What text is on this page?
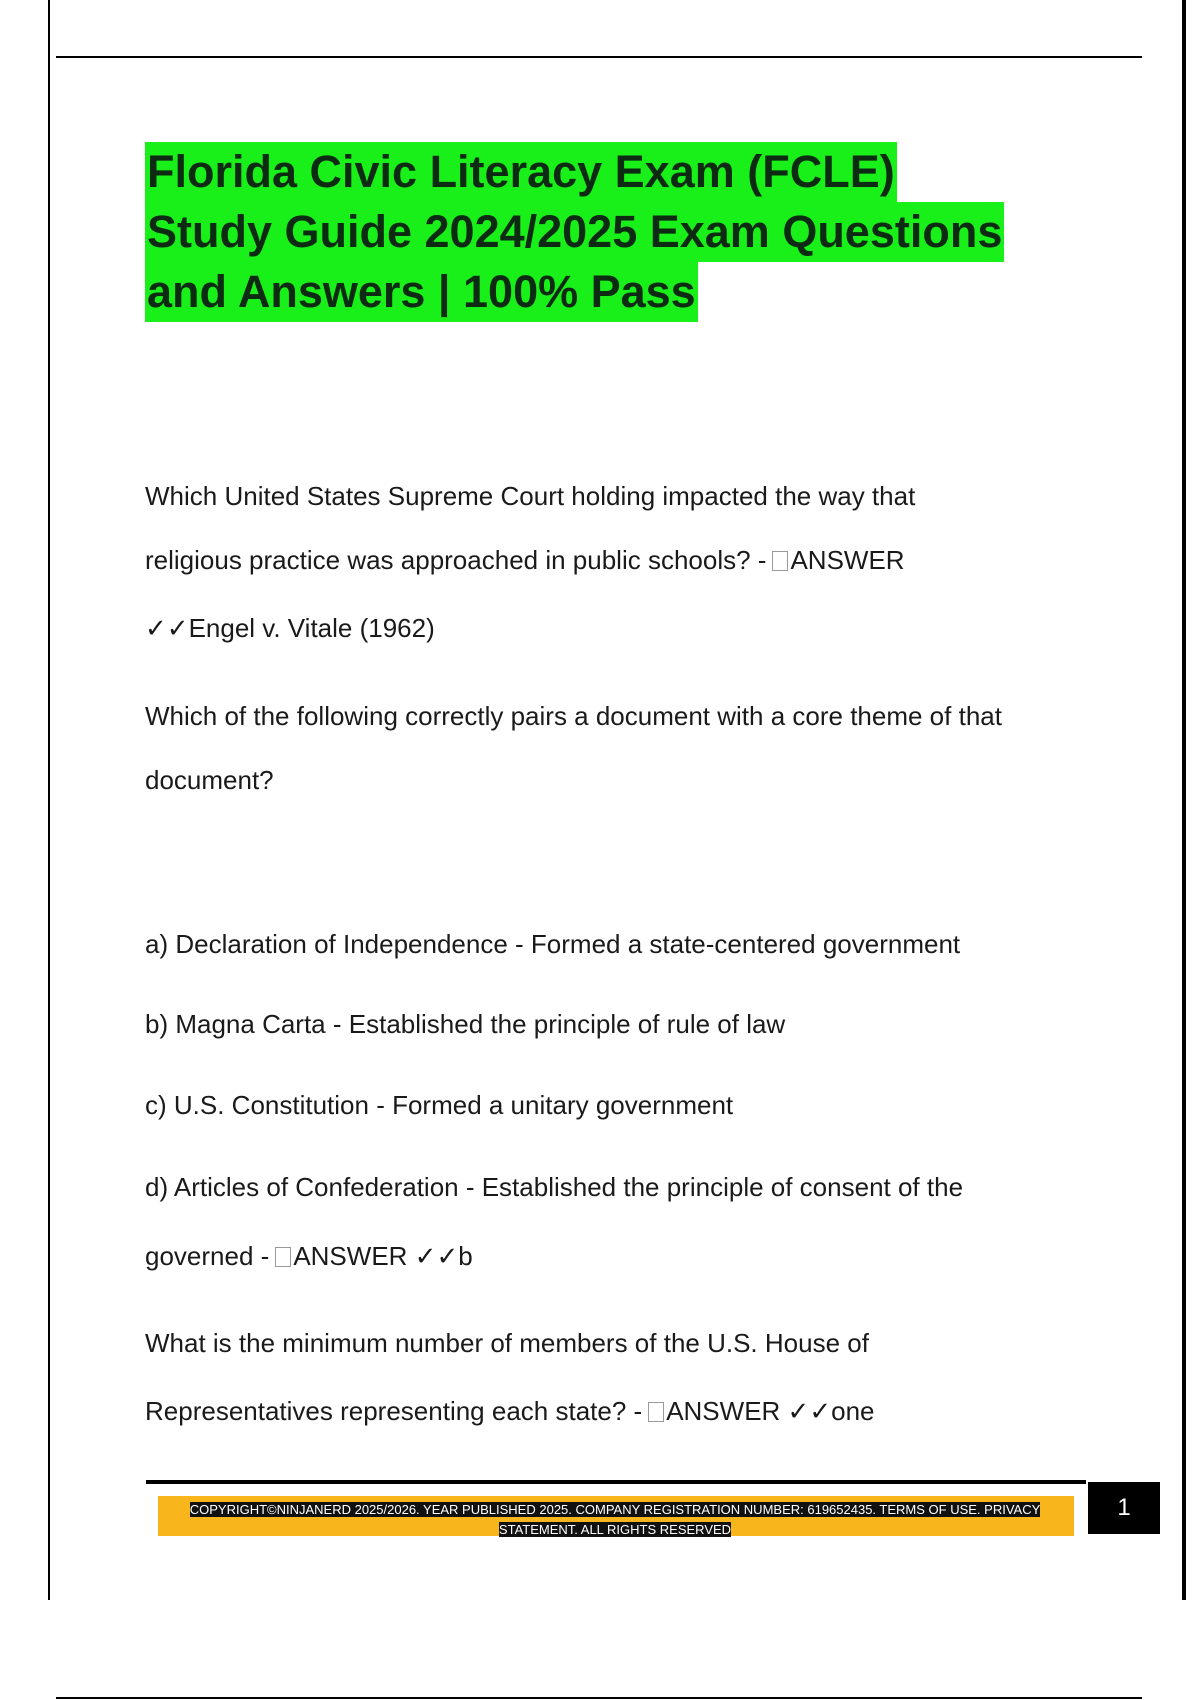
Florida Civic Literacy Exam (FCLE)
Study Guide 2024/2025 Exam Questions
and Answers | 100% Pass

Which United States Supreme Court holding impacted the way that

religious practice was approached in public schools? - ANSWER

✓✓Engel v. Vitale (1962)

Which of the following correctly pairs a document with a core theme of that

document?

a) Declaration of Independence - Formed a state-centered government

b) Magna Carta - Established the principle of rule of law

c) U.S. Constitution - Formed a unitary government

d) Articles of Confederation - Established the principle of consent of the

governed - ANSWER ✓✓b

What is the minimum number of members of the U.S. House of

Representatives representing each state? - ANSWER ✓✓one

COPYRIGHT©NINJANERD 2025/2026. YEAR PUBLISHED 2025. COMPANY REGISTRATION NUMBER: 619652435. TERMS OF USE. PRIVACY STATEMENT. ALL RIGHTS RESERVED
1
